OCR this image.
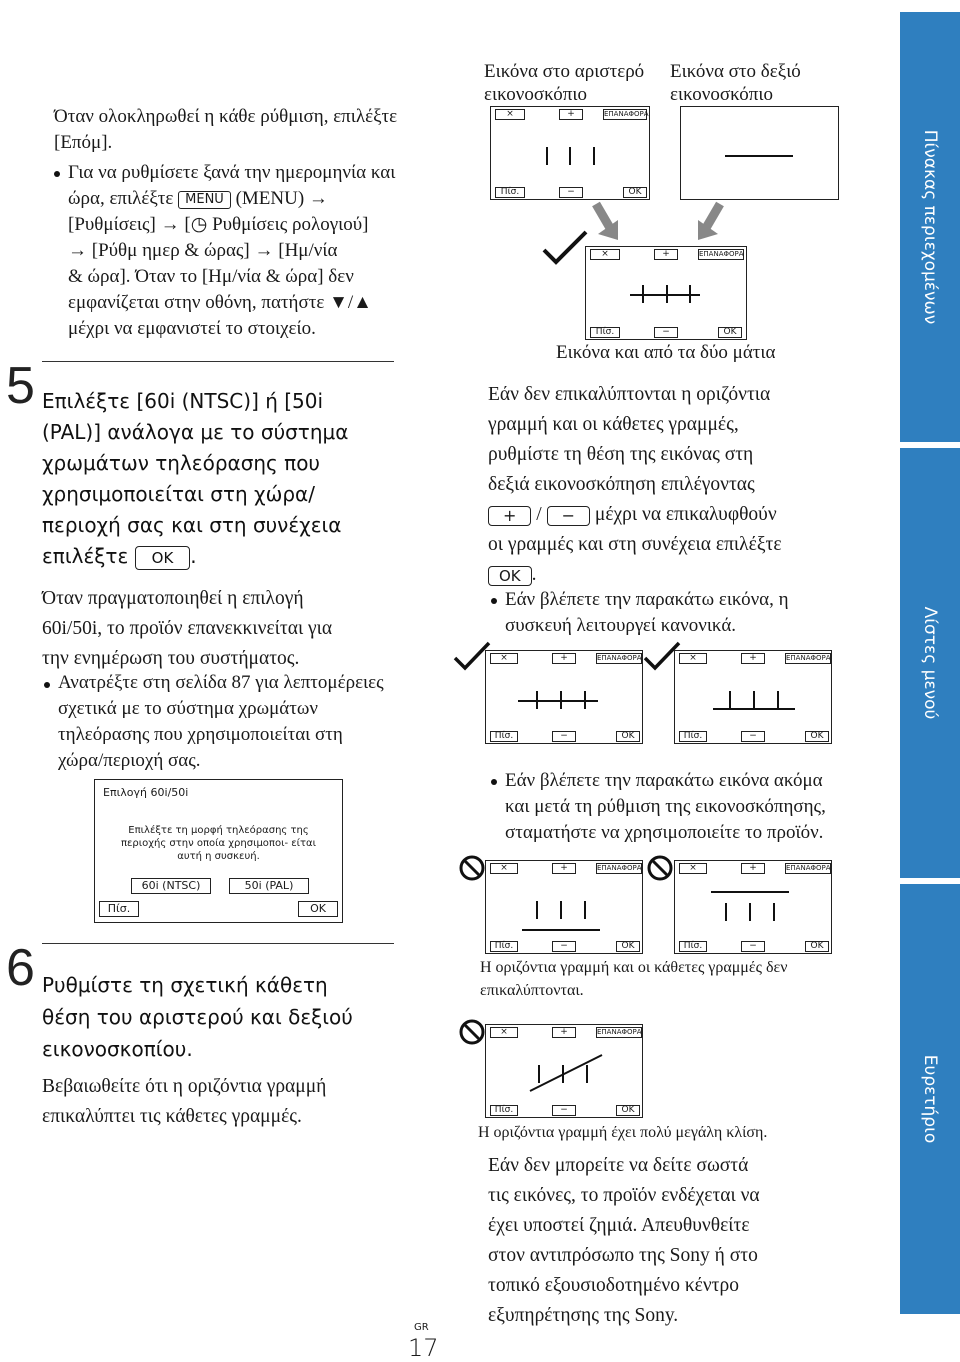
Όταν ολοκληρωθεί η κάθε ρύθμιση, επιλέξτε [Επόμ].
Για να ρυθμίσετε ξανά την ημερομηνία και ώρα, επιλέξτε MENU (MENU) →
[Ρυθμίσεις] → [◷ Ρυθμίσεις ρολογιού]
→ [Ρύθμ ημερ & ώρας] → [Ημ/νία
& ώρα]. Όταν το [Ημ/νία & ώρα] δεν
εμφανίζεται στην οθόνη, πατήστε ▼/▲
μέχρι να εμφανιστεί το στοιχείο.
5 Επιλέξτε [60i (NTSC)] ή [50i
(PAL)] ανάλογα με το σύστημα
χρωμάτων τηλεόρασης που
χρησιμοποιείται στη χώρα/
περιοχή σας και στη συνέχεια
επιλέξτε OK .
Όταν πραγματοποιηθεί η επιλογή
60i/50i, το προϊόν επανεκκινείται για
την ενημέρωση του συστήματος.
Ανατρέξτε στη σελίδα 87 για λεπτομέρειες
σχετικά με το σύστημα χρωμάτων
τηλεόρασης που χρησιμοποιείται στη
χώρα/περιοχή σας.
Επιλογή 60i/50i
Επιλέξτε τη μορφή τηλεόρασης της
περιοχής στην οποία χρησιμοποι- είται
αυτή η συσκευή.
60i (NTSC)	50i (PAL)
Πίσ.	OK
6 Ρυθμίστε τη σχετική κάθετη
θέση του αριστερού και δεξιού
εικονοσκοπίου.
Βεβαιωθείτε ότι η οριζόντια γραμμή
επικαλύπτει τις κάθετες γραμμές.
Εικόνα στο αριστερό
εικονοσκόπιο
Εικόνα στο δεξιό
εικονοσκόπιο
×	+	ΕΠΑΝΑΦΟΡΑ
Πίσ.	−	OK
×	+	ΕΠΑΝΑΦΟΡΑ
Πίσ.	−	OK
Εικόνα και από τα δύο μάτια
Εάν δεν επικαλύπτονται η οριζόντια
γραμμή και οι κάθετες γραμμές,
ρυθμίστε τη θέση της εικόνας στη
δεξιά εικονοσκόπηση επιλέγοντας
+ / − μέχρι να επικαλυφθούν
οι γραμμές και στη συνέχεια επιλέξτε
OK .
Εάν βλέπετε την παρακάτω εικόνα, η
συσκευή λειτουργεί κανονικά.
×	+	ΕΠΑΝΑΦΟΡΑ
Πίσ.	−	OK
×	+	ΕΠΑΝΑΦΟΡΑ
Πίσ.	−	OK
Εάν βλέπετε την παρακάτω εικόνα ακόμα
και μετά τη ρύθμιση της εικονοσκόπησης,
σταματήστε να χρησιμοποιείτε το προϊόν.
×	+	ΕΠΑΝΑΦΟΡΑ
Πίσ.	−	OK
×	+	ΕΠΑΝΑΦΟΡΑ
Πίσ.	−	OK
Η οριζόντια γραμμή και οι κάθετες γραμμές δεν
επικαλύπτονται.
×	+	ΕΠΑΝΑΦΟΡΑ
Πίσ.	−	OK
Η οριζόντια γραμμή έχει πολύ μεγάλη κλίση.
Εάν δεν μπορείτε να δείτε σωστά
τις εικόνες, το προϊόν ενδέχεται να
έχει υποστεί ζημιά. Απευθυνθείτε
στον αντιπρόσωπο της Sony ή στο
τοπικό εξουσιοδοτημένο κέντρο
εξυπηρέτησης της Sony.
GR
17
Πίνακας περιεχομένων
Λίστες μενού
Ευρετήριο
